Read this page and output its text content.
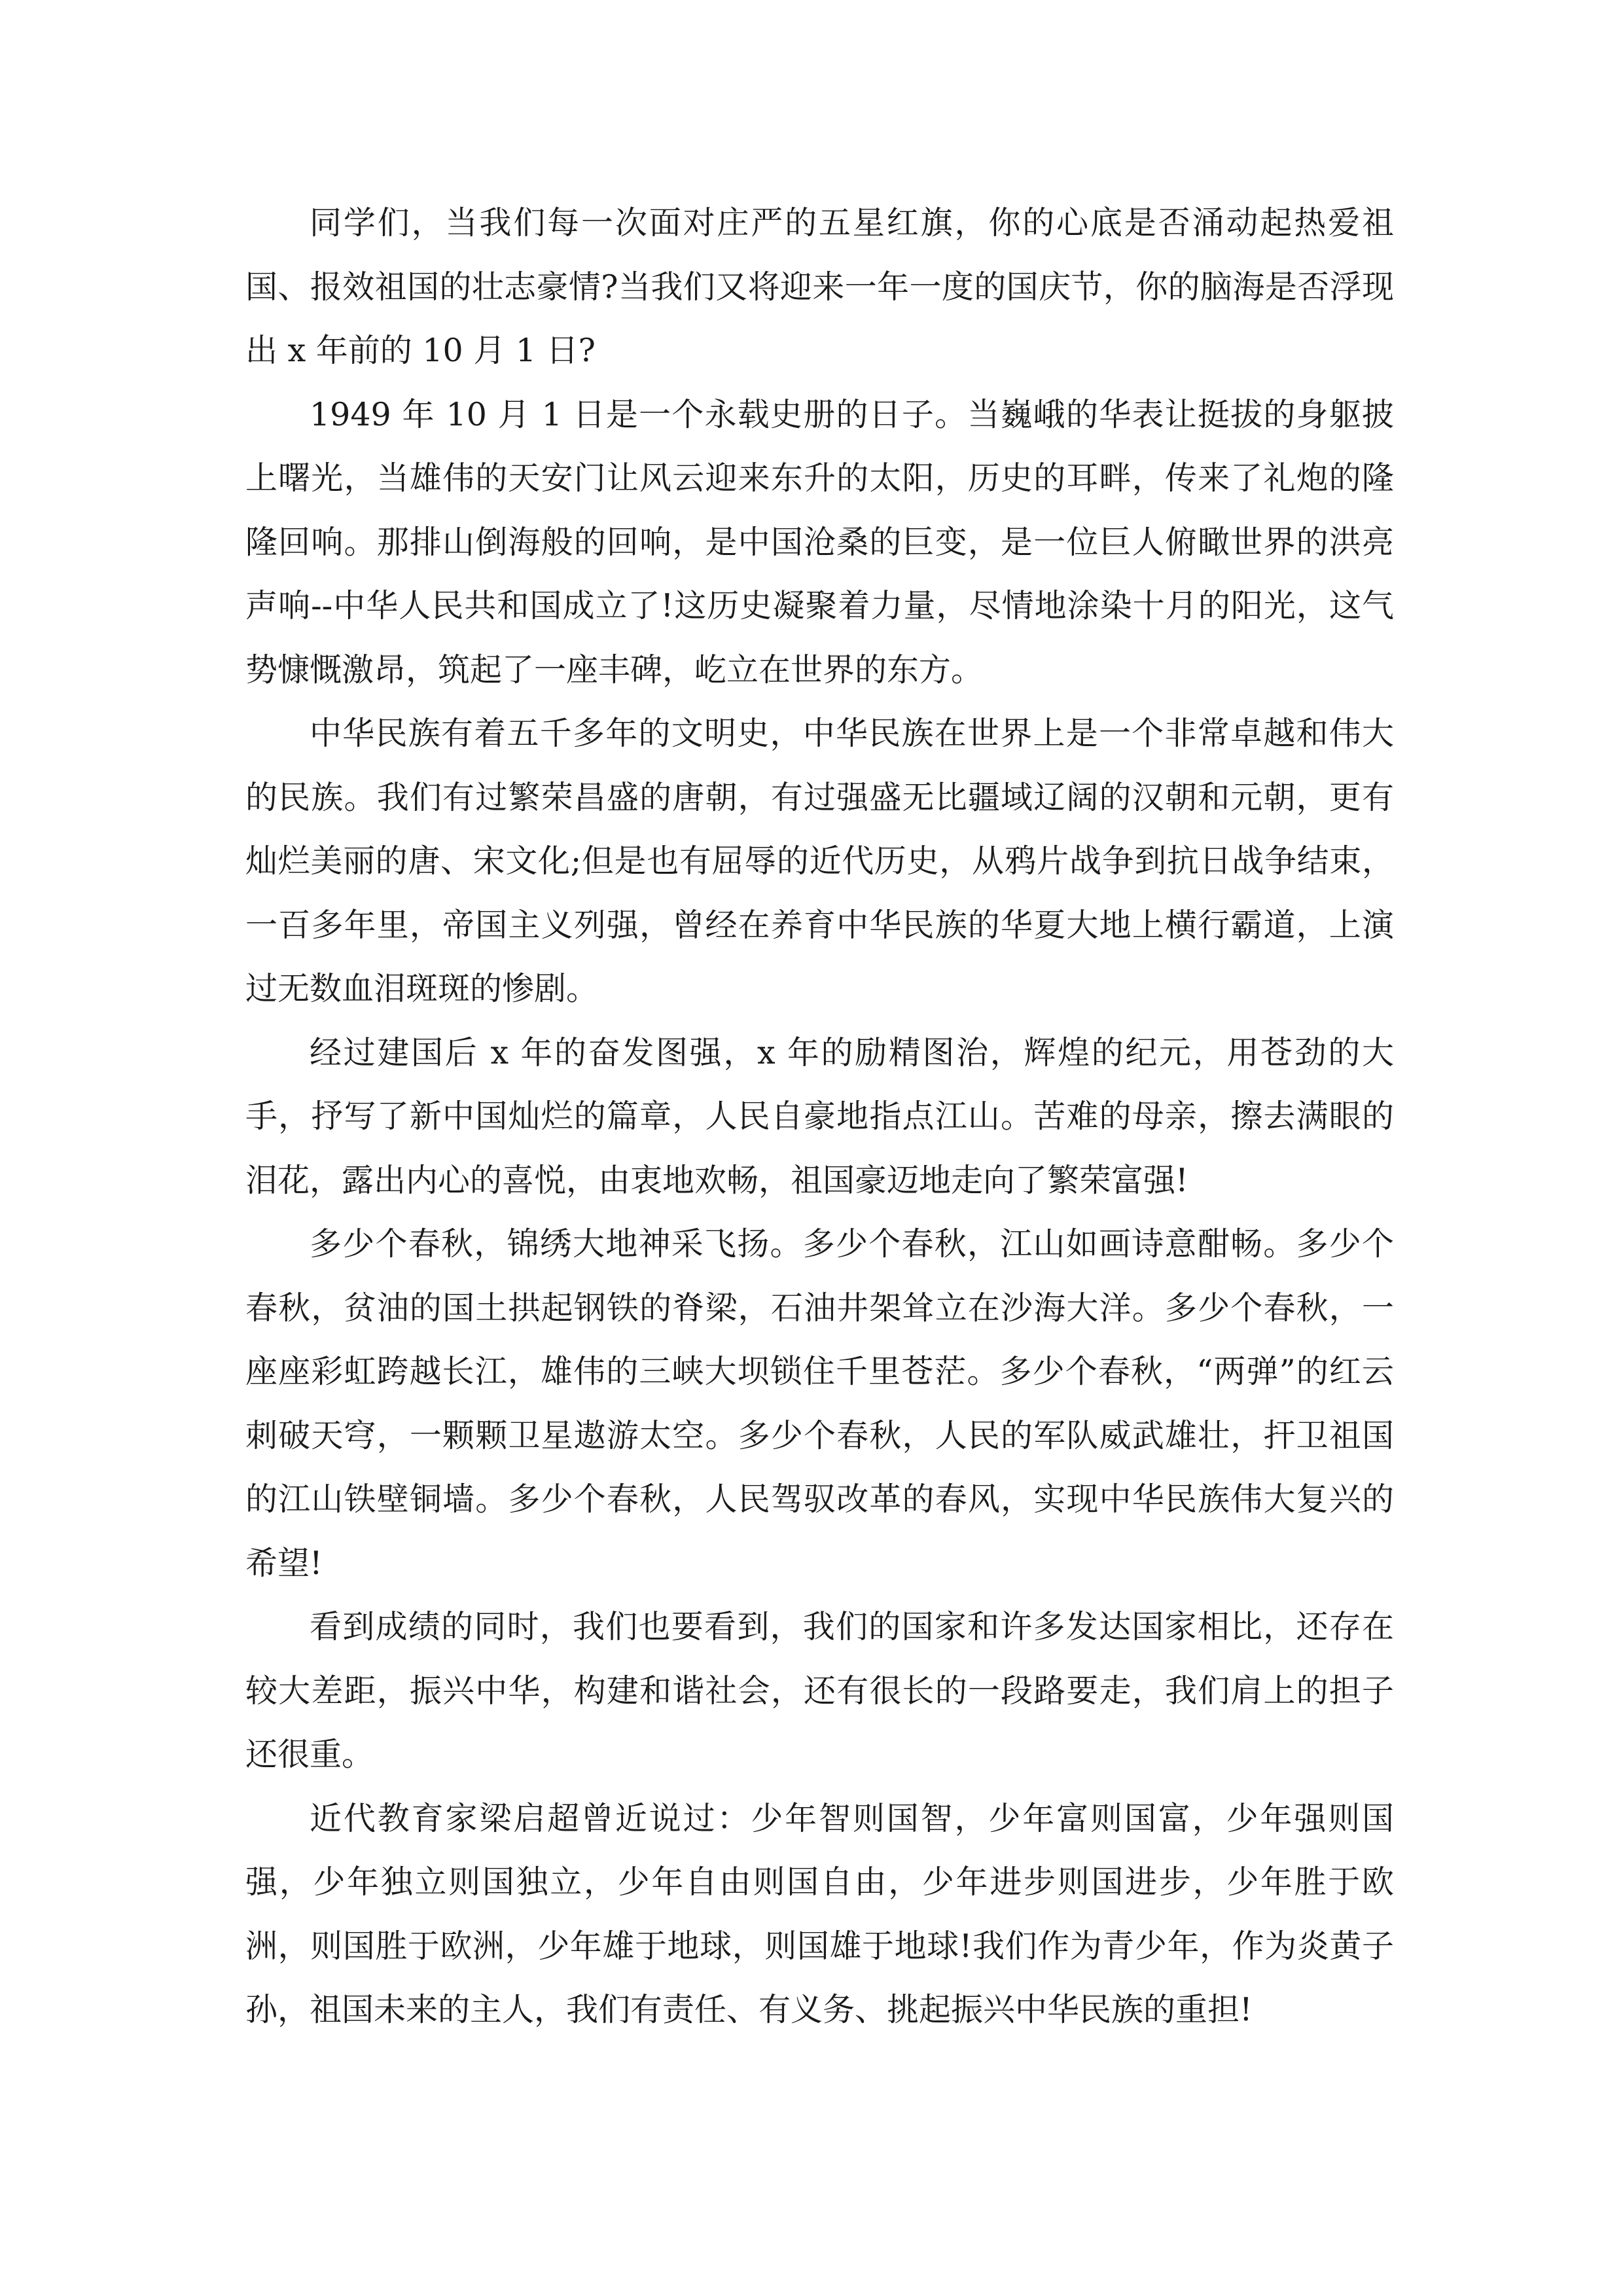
同学们，当我们每一次面对庄严的五星红旗，你的心底是否涌动起热爱祖国、报效祖国的壮志豪情?当我们又将迎来一年一度的国庆节，你的脑海是否浮现出 x 年前的 10 月 1 日?

1949 年 10 月 1 日是一个永载史册的日子。当巍峨的华表让挺拔的身躯披上曙光，当雄伟的天安门让风云迎来东升的太阳，历史的耳畔，传来了礼炮的隆隆回响。那排山倒海般的回响，是中国沧桑的巨变，是一位巨人俯瞰世界的洪亮声响--中华人民共和国成立了!这历史凝聚着力量，尽情地涂染十月的阳光，这气势慷慨激昂，筑起了一座丰碑，屹立在世界的东方。

中华民族有着五千多年的文明史，中华民族在世界上是一个非常卓越和伟大的民族。我们有过繁荣昌盛的唐朝，有过强盛无比疆域辽阔的汉朝和元朝，更有灿烂美丽的唐、宋文化;但是也有屈辱的近代历史，从鸦片战争到抗日战争结束，一百多年里，帝国主义列强，曾经在养育中华民族的华夏大地上横行霸道，上演过无数血泪斑斑的惨剧。

经过建国后 x 年的奋发图强，x 年的励精图治，辉煌的纪元，用苍劲的大手，抒写了新中国灿烂的篇章，人民自豪地指点江山。苦难的母亲，擦去满眼的泪花，露出内心的喜悦，由衷地欢畅，祖国豪迈地走向了繁荣富强!

多少个春秋，锦绣大地神采飞扬。多少个春秋，江山如画诗意酣畅。多少个春秋，贫油的国土拱起钢铁的脊梁，石油井架耸立在沙海大洋。多少个春秋，一座座彩虹跨越长江，雄伟的三峡大坝锁住千里苍茫。多少个春秋，“两弹”的红云刺破天穹，一颗颗卫星遨游太空。多少个春秋，人民的军队威武雄壮，扞卫祖国的江山铁壁铜墙。多少个春秋，人民驾驭改革的春风，实现中华民族伟大复兴的希望!

看到成绩的同时，我们也要看到，我们的国家和许多发达国家相比，还存在较大差距，振兴中华，构建和谐社会，还有很长的一段路要走，我们肩上的担子还很重。

近代教育家梁启超曾近说过：少年智则国智，少年富则国富，少年强则国强，少年独立则国独立，少年自由则国自由，少年进步则国进步，少年胜于欧洲，则国胜于欧洲，少年雄于地球，则国雄于地球!我们作为青少年，作为炎黄子孙，祖国未来的主人，我们有责任、有义务、挑起振兴中华民族的重担!
